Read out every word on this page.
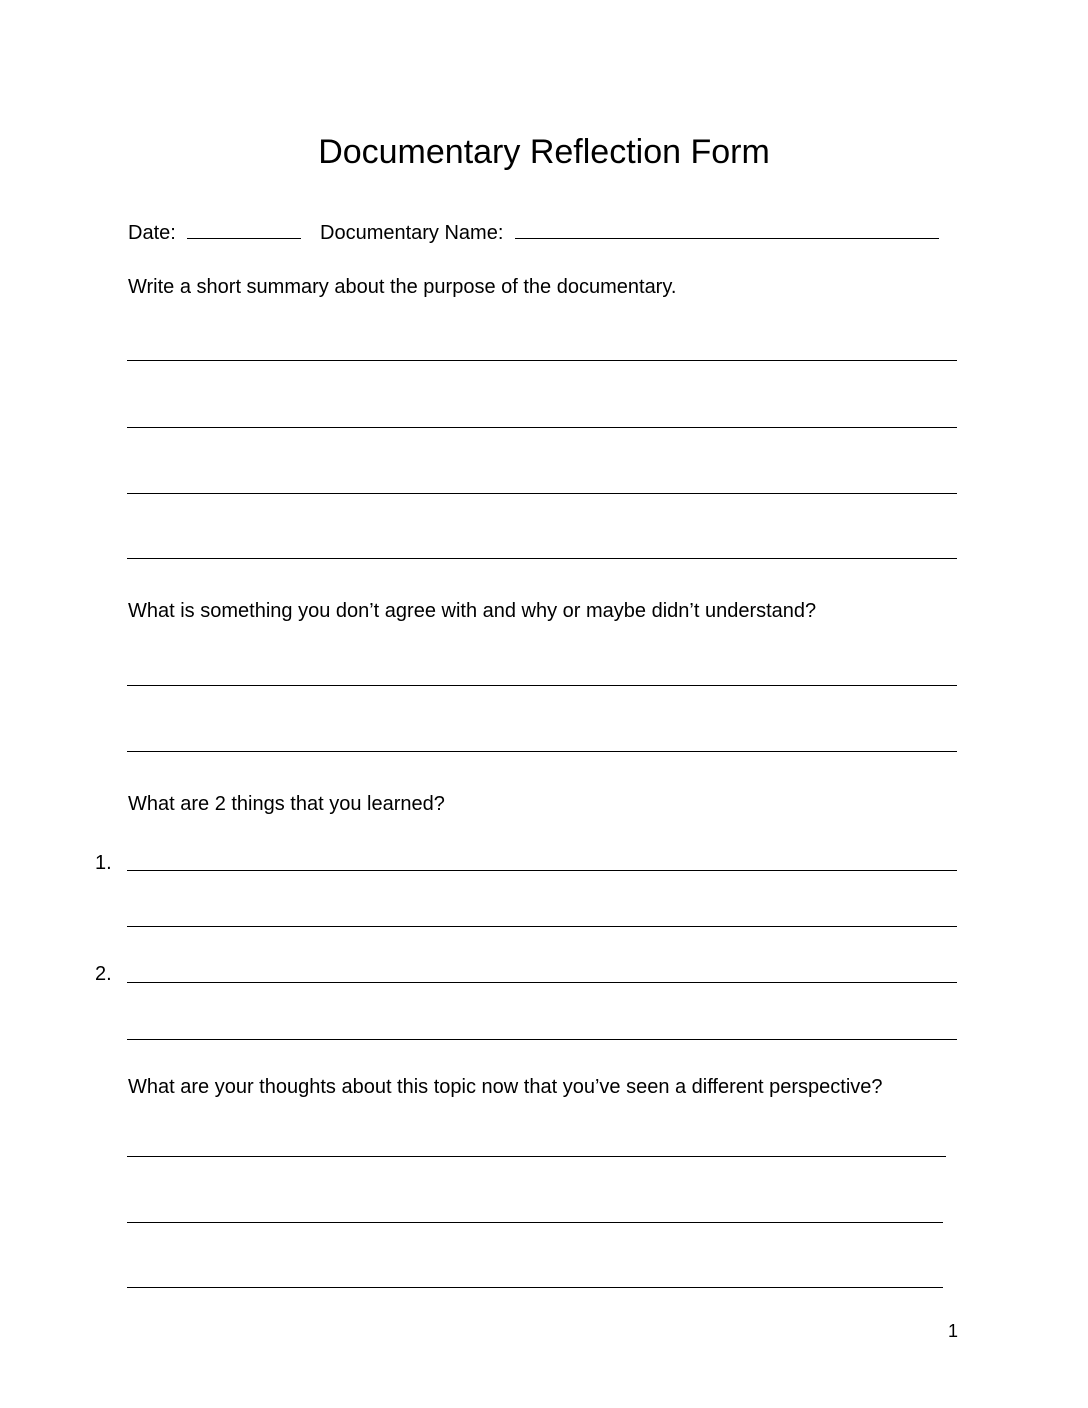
Documentary Reflection Form
Date:	Documentary Name:
Write a short summary about the purpose of the documentary.
What is something you don’t agree with and why or maybe didn’t understand?
What are 2 things that you learned?
1.
2.
What are your thoughts about this topic now that you’ve seen a different perspective?
1
